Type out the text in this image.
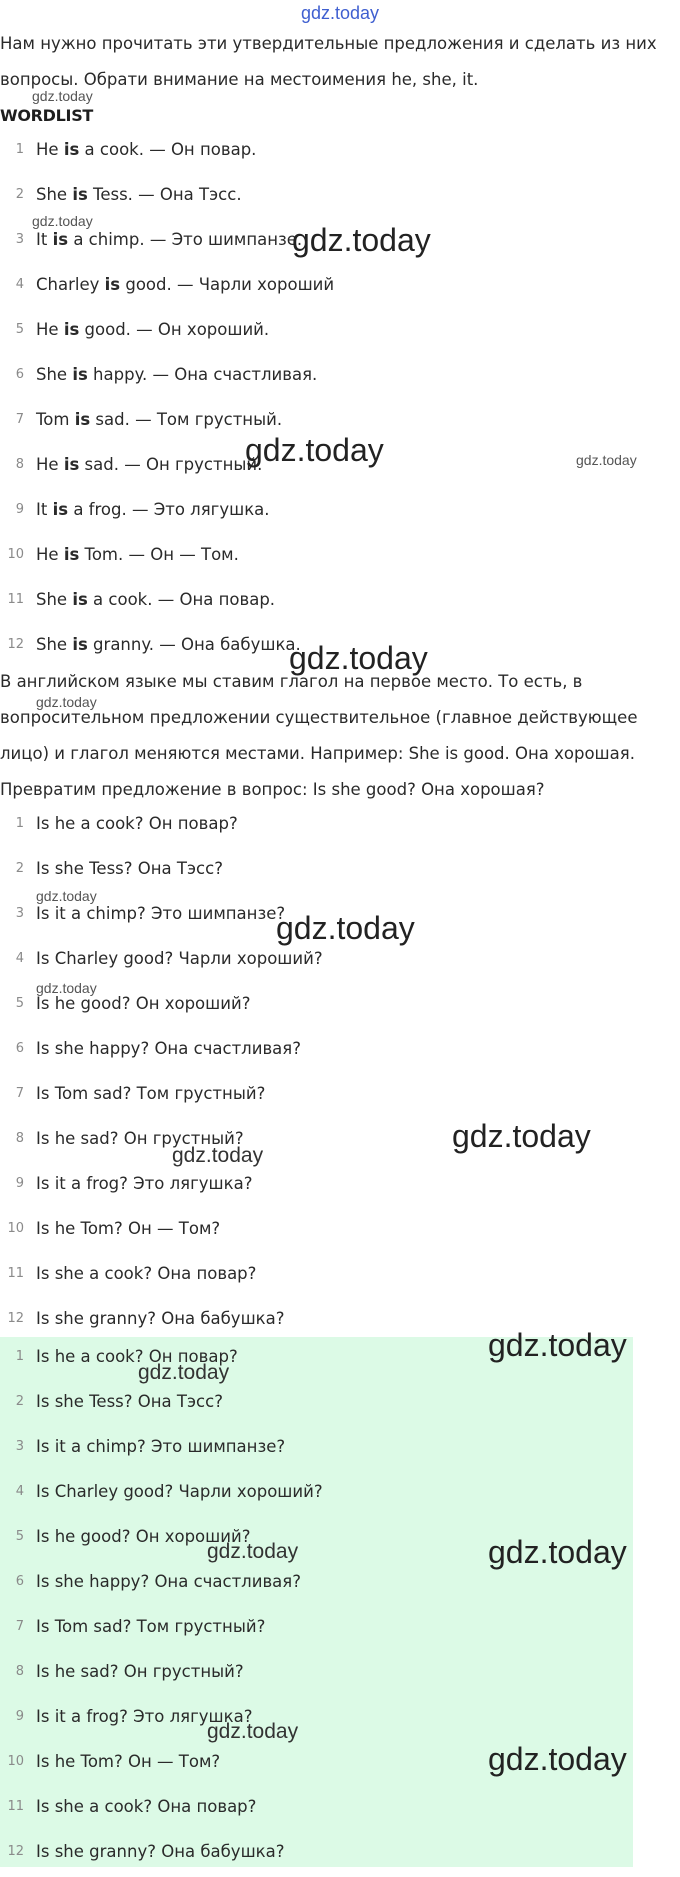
gdz.today

Нам нужно прочитать эти утвердительные предложения и сделать из них вопросы. Обрати внимание на местоимения he, she, it.

WORDLIST
1 He is a cook. — Он повар.
2 She is Tess. — Она Тэсс.
3 It is a chimp. — Это шимпанзе.
4 Charley is good. — Чарли хороший
5 He is good. — Он хороший.
6 She is happy. — Она счастливая.
7 Tom is sad. — Том грустный.
8 He is sad. — Он грустный.
9 It is a frog. — Это лягушка.
10 He is Tom. — Он — Том.
11 She is a cook. — Она повар.
12 She is granny. — Она бабушка.

В английском языке мы ставим глагол на первое место. То есть, в вопросительном предложении существительное (главное действующее лицо) и глагол меняются местами. Например: She is good. Она хорошая. Превратим предложение в вопрос: Is she good? Она хорошая?

1 Is he a cook? Он повар?
2 Is she Tess? Она Тэсс?
3 Is it a chimp? Это шимпанзе?
4 Is Charley good? Чарли хороший?
5 Is he good? Он хороший?
6 Is she happy? Она счастливая?
7 Is Tom sad? Том грустный?
8 Is he sad? Он грустный?
9 Is it a frog? Это лягушка?
10 Is he Tom? Он — Том?
11 Is she a cook? Она повар?
12 Is she granny? Она бабушка?
1 Is he a cook? Он повар?
2 Is she Tess? Она Тэсс?
3 Is it a chimp? Это шимпанзе?
4 Is Charley good? Чарли хороший?
5 Is he good? Он хороший?
6 Is she happy? Она счастливая?
7 Is Tom sad? Том грустный?
8 Is he sad? Он грустный?
9 Is it a frog? Это лягушка?
10 Is he Tom? Он — Том?
11 Is she a cook? Она повар?
12 Is she granny? Она бабушка?
gdz.today
gdz.today
gdz.today
gdz.today	gdz.today
gdz.today
gdz.today
gdz.today
gdz.today
gdz.today
gdz.today
gdz.today
gdz.today
gdz.today
gdz.today	gdz.today
gdz.today
gdz.today
